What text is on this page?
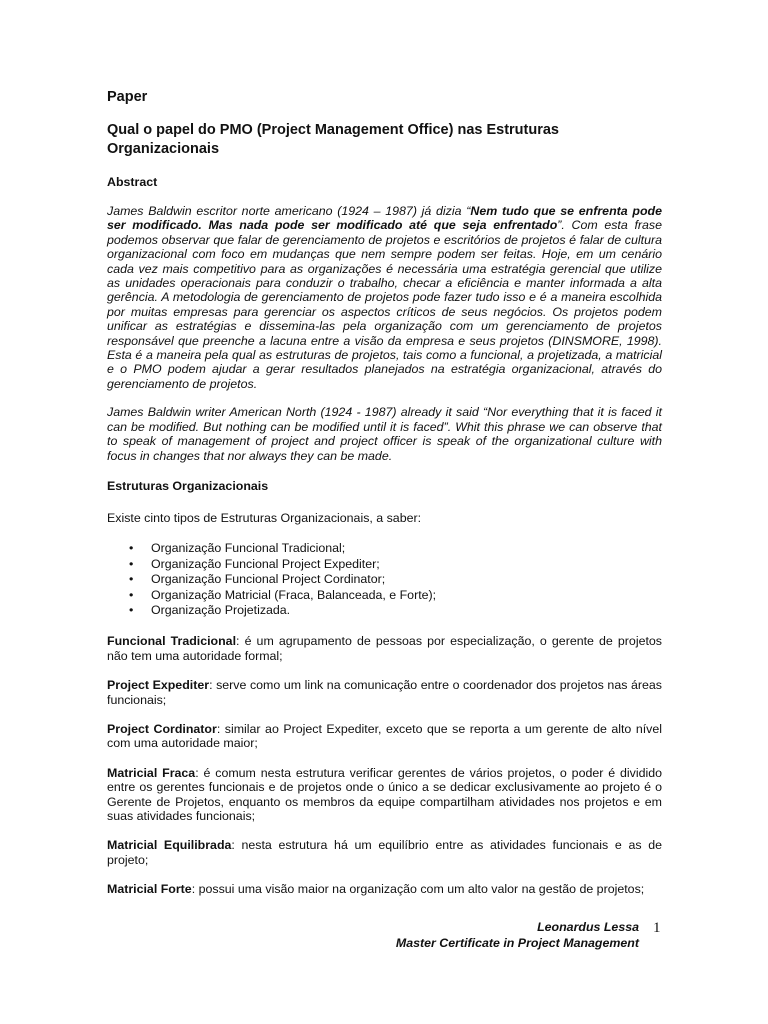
Paper
Qual o papel do PMO (Project Management Office) nas Estruturas Organizacionais
Abstract

James Baldwin escritor norte americano (1924 – 1987) já dizia “Nem tudo que se enfrenta pode ser modificado. Mas nada pode ser modificado até que seja enfrentado”. Com esta frase podemos observar que falar de gerenciamento de projetos e escritórios de projetos é falar de cultura organizacional com foco em mudanças que nem sempre podem ser feitas. Hoje, em um cenário cada vez mais competitivo para as organizações é necessária uma estratégia gerencial que utilize as unidades operacionais para conduzir o trabalho, checar a eficiência e manter informada a alta gerência. A metodologia de gerenciamento de projetos pode fazer tudo isso e é a maneira escolhida por muitas empresas para gerenciar os aspectos críticos de seus negócios. Os projetos podem unificar as estratégias e dissemina-las pela organização com um gerenciamento de projetos responsável que preenche a lacuna entre a visão da empresa e seus projetos (DINSMORE, 1998). Esta é a maneira pela qual as estruturas de projetos, tais como a funcional, a projetizada, a matricial e o PMO podem ajudar a gerar resultados planejados na estratégia organizacional, através do gerenciamento de projetos.

James Baldwin writer American North (1924 - 1987) already it said “Nor everything that it is faced it can be modified. But nothing can be modified until it is faced”. Whit this phrase we can observe that to speak of management of project and project officer is speak of the organizational culture with focus in changes that nor always they can be made.

Estruturas Organizacionais

Existe cinto tipos de Estruturas Organizacionais, a saber:

• Organização Funcional Tradicional;
• Organização Funcional Project Expediter;
• Organização Funcional Project Cordinator;
• Organização Matricial (Fraca, Balanceada, e Forte);
• Organização Projetizada.

Funcional Tradicional: é um agrupamento de pessoas por especialização, o gerente de projetos não tem uma autoridade formal;

Project Expediter: serve como um link na comunicação entre o coordenador dos projetos nas áreas funcionais;

Project Cordinator: similar ao Project Expediter, exceto que se reporta a um gerente de alto nível com uma autoridade maior;

Matricial Fraca: é comum nesta estrutura verificar gerentes de vários projetos, o poder é dividido entre os gerentes funcionais e de projetos onde o único a se dedicar exclusivamente ao projeto é o Gerente de Projetos, enquanto os membros da equipe compartilham atividades nos projetos e em suas atividades funcionais;

Matricial Equilibrada: nesta estrutura há um equilíbrio entre as atividades funcionais e as de projeto;

Matricial Forte: possui uma visão maior na organização com um alto valor na gestão de projetos;

Leonardus Lessa
Master Certificate in Project Management
1
